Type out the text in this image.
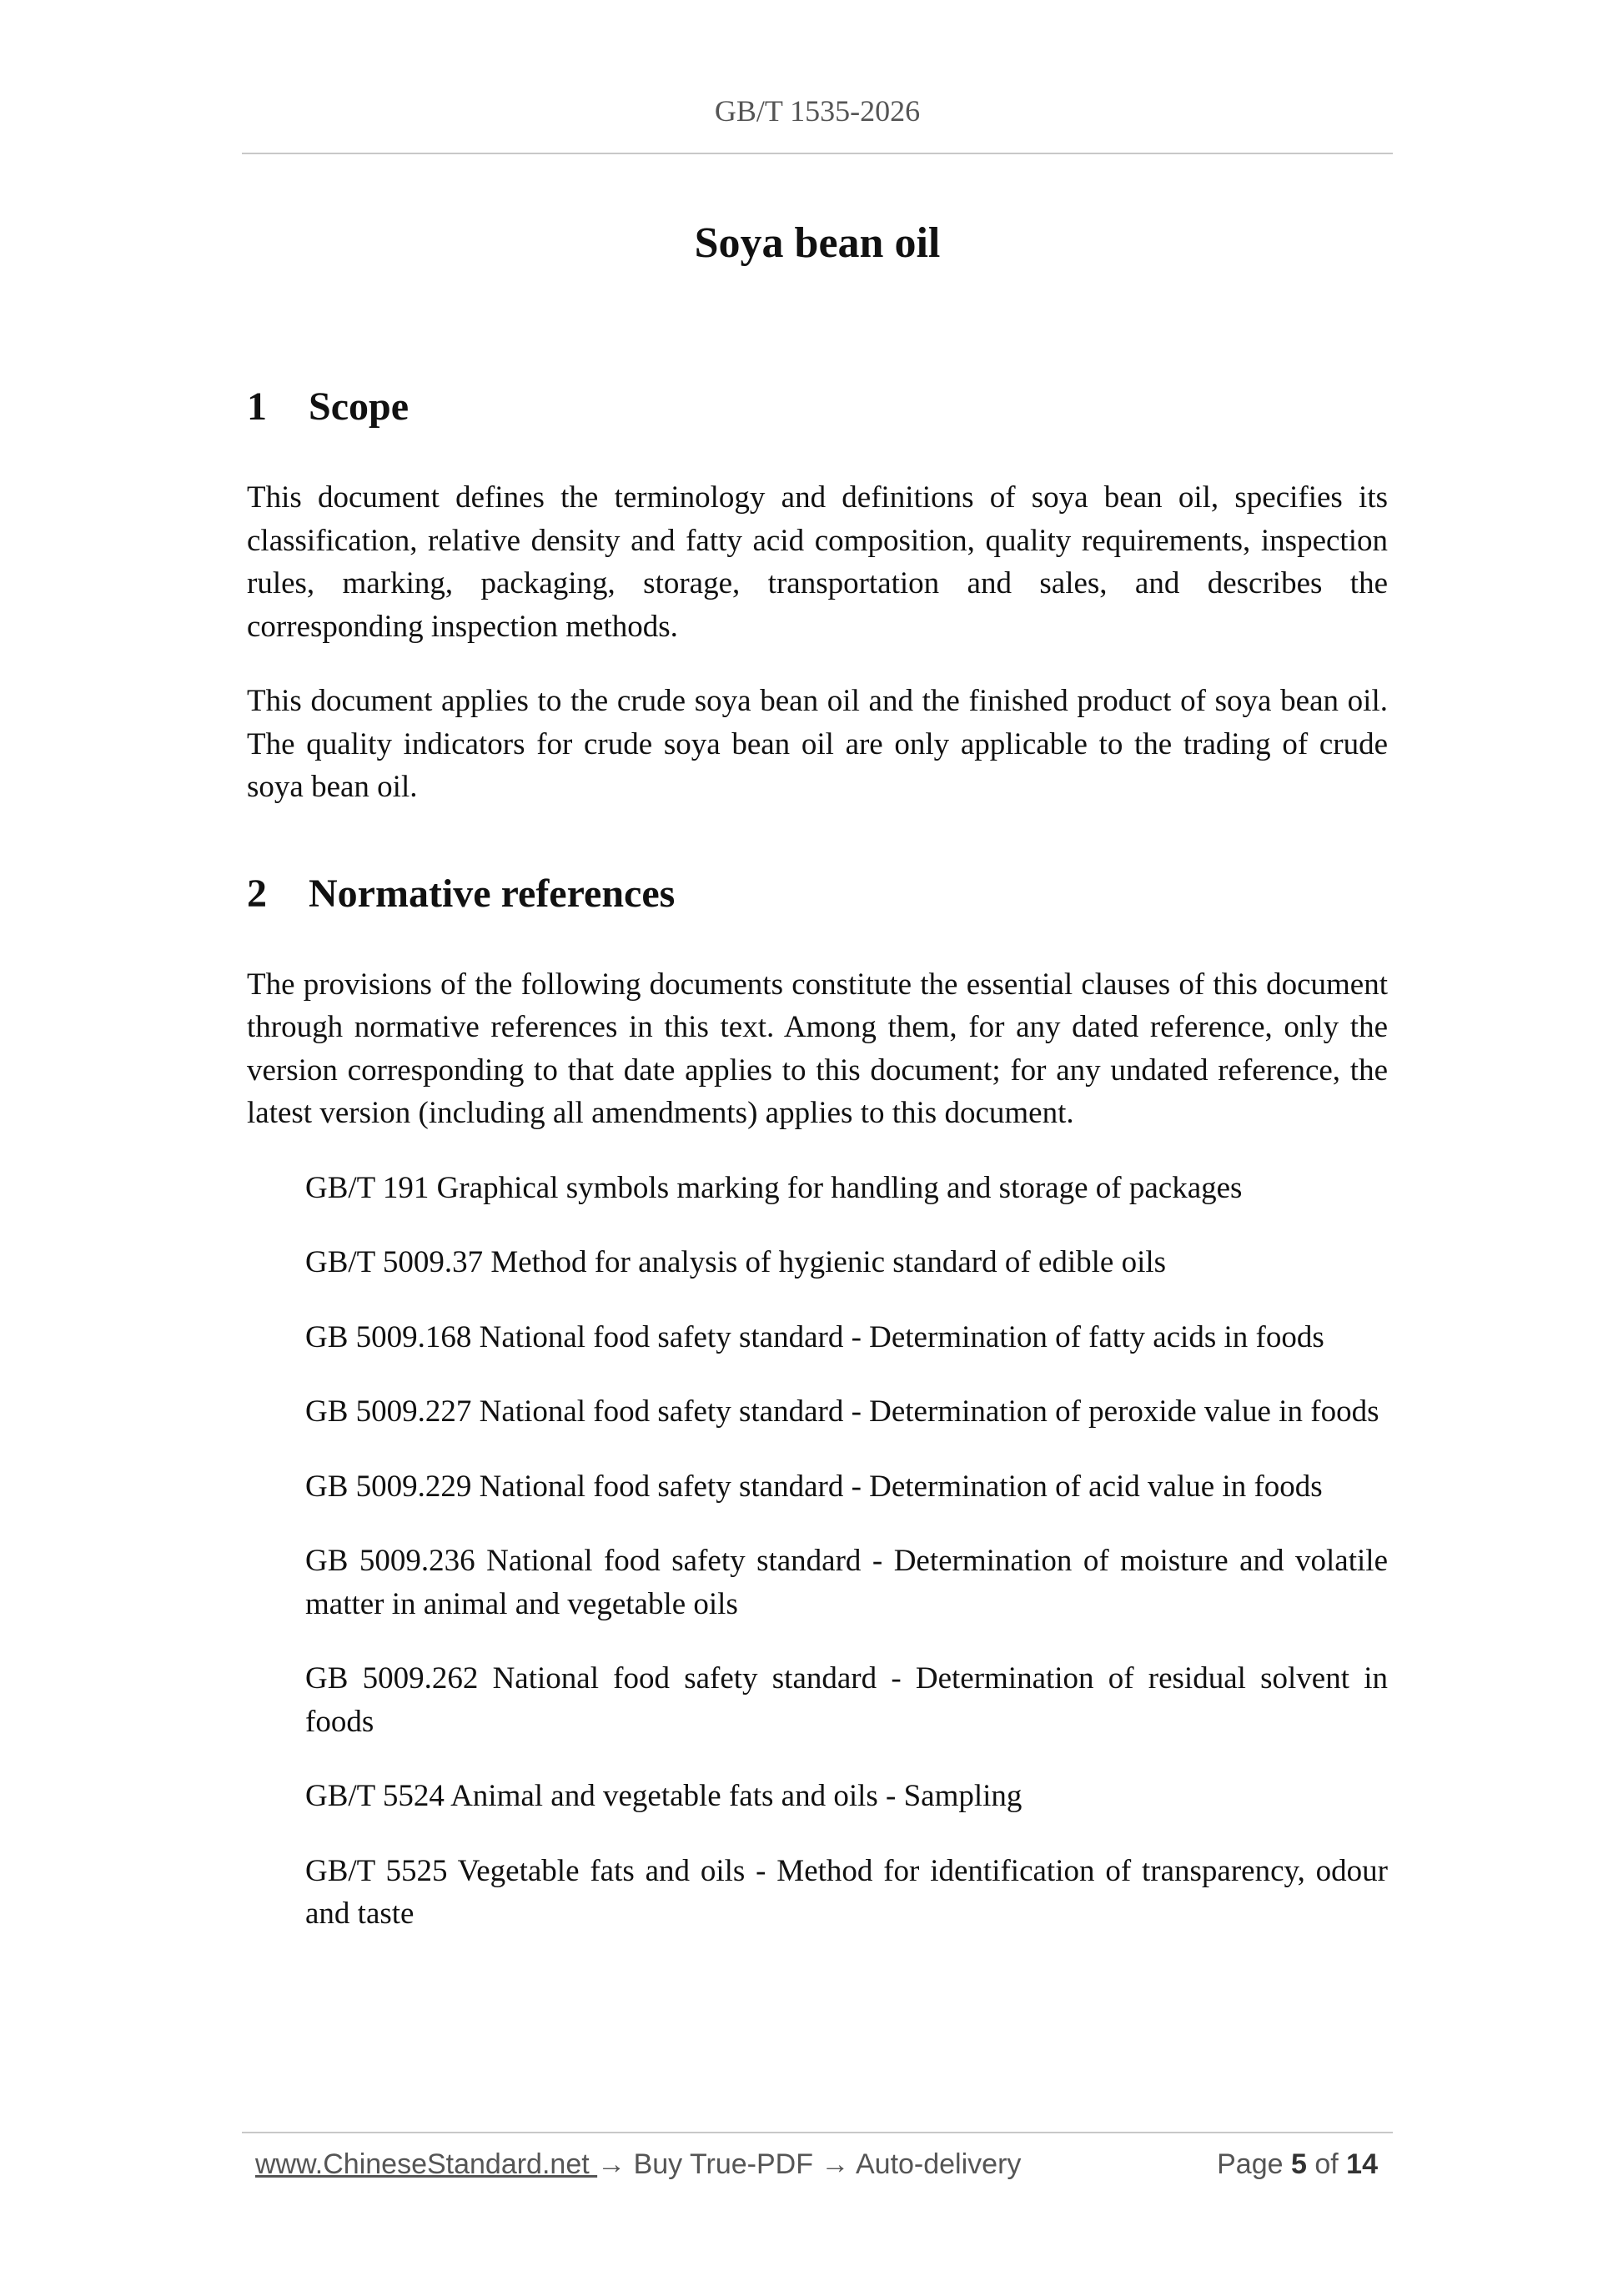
GB/T 1535-2026
Soya bean oil
1	Scope

This document defines the terminology and definitions of soya bean oil, specifies its classification, relative density and fatty acid composition, quality requirements, inspection rules, marking, packaging, storage, transportation and sales, and describes the corresponding inspection methods.

This document applies to the crude soya bean oil and the finished product of soya bean oil. The quality indicators for crude soya bean oil are only applicable to the trading of crude soya bean oil.

2	Normative references

The provisions of the following documents constitute the essential clauses of this document through normative references in this text. Among them, for any dated reference, only the version corresponding to that date applies to this document; for any undated reference, the latest version (including all amendments) applies to this document.

GB/T 191 Graphical symbols marking for handling and storage of packages
GB/T 5009.37 Method for analysis of hygienic standard of edible oils
GB 5009.168 National food safety standard - Determination of fatty acids in foods
GB 5009.227 National food safety standard - Determination of peroxide value in foods
GB 5009.229 National food safety standard - Determination of acid value in foods
GB 5009.236 National food safety standard - Determination of moisture and volatile matter in animal and vegetable oils
GB 5009.262 National food safety standard - Determination of residual solvent in foods
GB/T 5524 Animal and vegetable fats and oils - Sampling
GB/T 5525 Vegetable fats and oils - Method for identification of transparency, odour and taste
www.ChineseStandard.net → Buy True-PDF → Auto-delivery	Page 5 of 14
